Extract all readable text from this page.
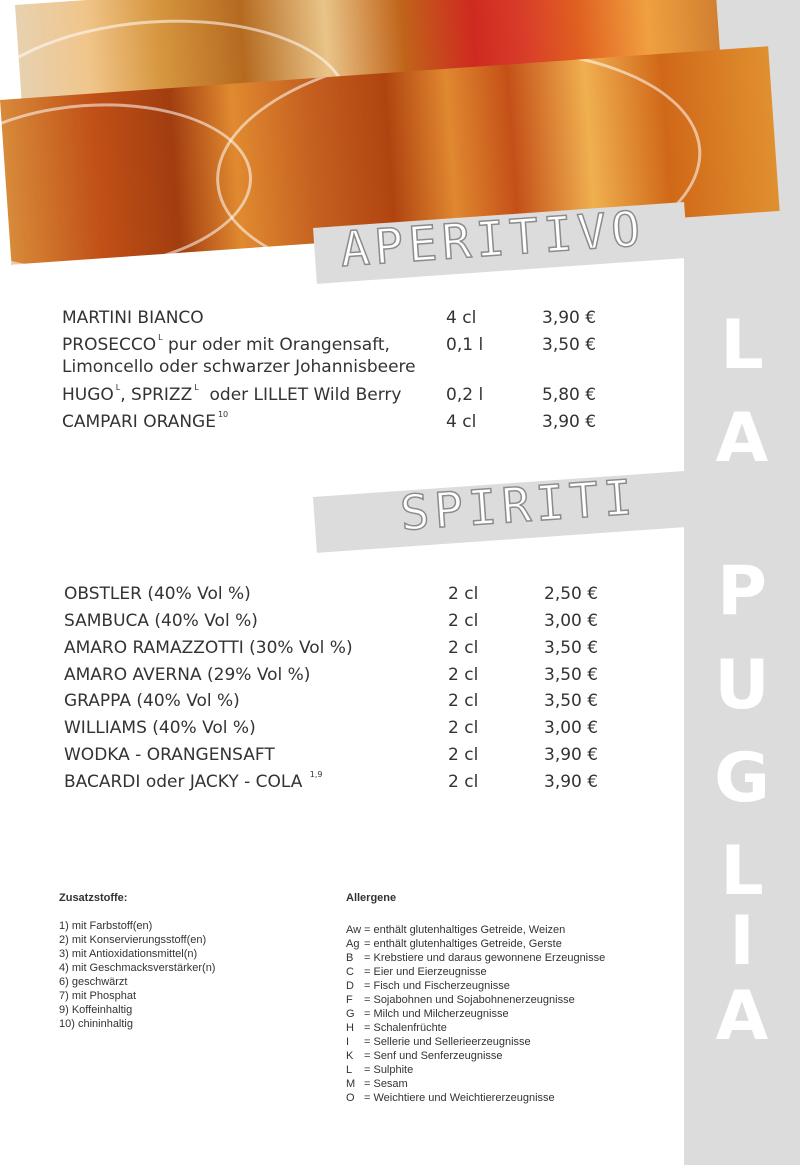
L
A
P
U
G
L
I
A
APERITIVO
MARTINI BIANCO	4 cl	3,90 €
PROSECCO $^L$ pur oder mit Orangensaft,	0,1 l	3,50 €
Limoncello oder schwarzer Johannisbeere
HUGO $^L$, SPRIZZ $^L$ oder LILLET Wild Berry	0,2 l	5,80 €
CAMPARI ORANGE $^{10}$	4 cl	3,90 €
SPIRITI
OBSTLER (40% Vol %)	2 cl	2,50 €
SAMBUCA (40% Vol %)	2 cl	3,00 €
AMARO RAMAZZOTTI (30% Vol %)	2 cl	3,50 €
AMARO AVERNA (29% Vol %)	2 cl	3,50 €
GRAPPA (40% Vol %)	2 cl	3,50 €
WILLIAMS (40% Vol %)	2 cl	3,00 €
WODKA - ORANGENSAFT	2 cl	3,90 €
BACARDI oder JACKY - COLA $^{1,9}$	2 cl	3,90 €
Zusatzstoffe:
1) mit Farbstoff(en)
2) mit Konservierungsstoff(en)
3) mit Antioxidationsmittel(n)
4) mit Geschmacksverstärker(n)
6) geschwärzt
7) mit Phosphat
9) Koffeinhaltig
10) chininhaltig
Allergene
Aw = enthält glutenhaltiges Getreide, Weizen
Ag = enthält glutenhaltiges Getreide, Gerste
B = Krebstiere und daraus gewonnene Erzeugnisse
C = Eier und Eierzeugnisse
D = Fisch und Fischerzeugnisse
F = Sojabohnen und Sojabohnenerzeugnisse
G = Milch und Milcherzeugnisse
H = Schalenfrüchte
I = Sellerie und Sellerieerzeugnisse
K = Senf und Senferzeugnisse
L = Sulphite
M = Sesam
O = Weichtiere und Weichtiererzeugnisse
